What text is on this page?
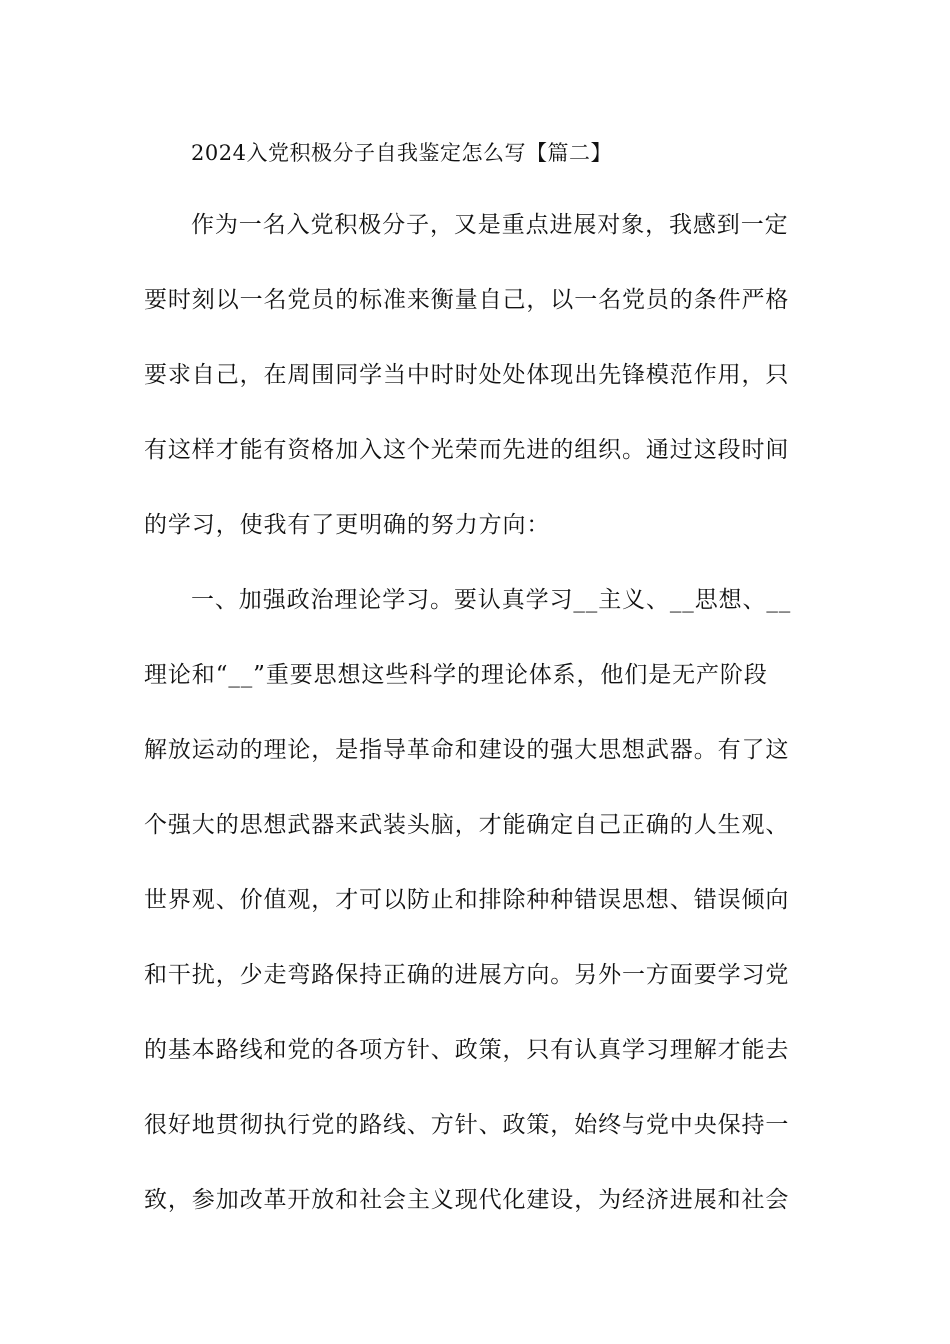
2024入党积极分子自我鉴定怎么写【篇二】
作为一名入党积极分子，又是重点进展对象，我感到一定
要时刻以一名党员的标准来衡量自己，以一名党员的条件严格
要求自己，在周围同学当中时时处处体现出先锋模范作用，只
有这样才能有资格加入这个光荣而先进的组织。通过这段时间
的学习，使我有了更明确的努力方向：
一、加强政治理论学习。要认真学习__主义、__思想、__
理论和“__”重要思想这些科学的理论体系，他们是无产阶段
解放运动的理论，是指导革命和建设的强大思想武器。有了这
个强大的思想武器来武装头脑，才能确定自己正确的人生观、
世界观、价值观，才可以防止和排除种种错误思想、错误倾向
和干扰，少走弯路保持正确的进展方向。另外一方面要学习党
的基本路线和党的各项方针、政策，只有认真学习理解才能去
很好地贯彻执行党的路线、方针、政策，始终与党中央保持一
致，参加改革开放和社会主义现代化建设，为经济进展和社会
